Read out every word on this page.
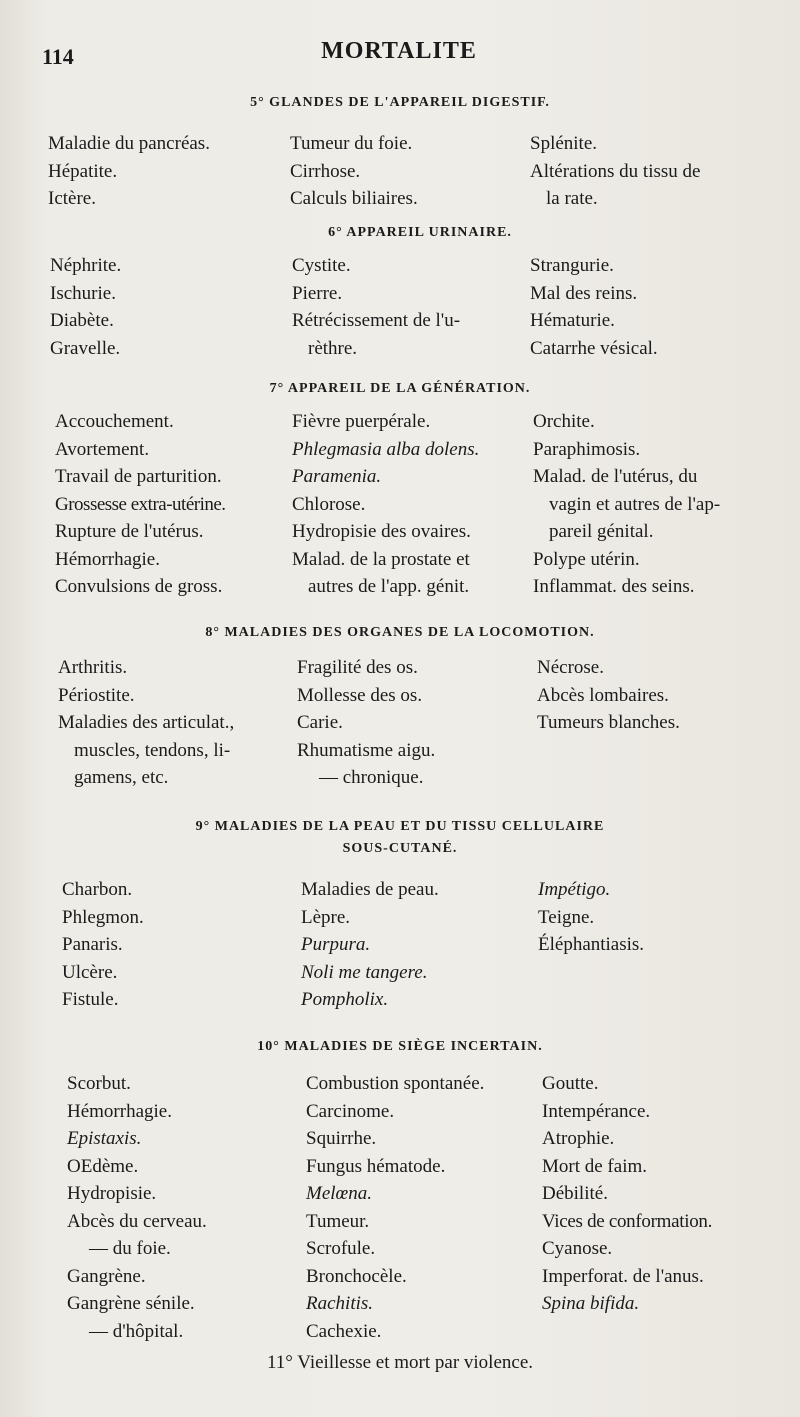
114	MORTALITE
5° GLANDES DE L'APPAREIL DIGESTIF.
Maladie du pancréas.
Hépatite.
Ictère.
Tumeur du foie.
Cirrhose.
Calculs biliaires.
Splénite.
Altérations du tissu de
la rate.
6° APPAREIL URINAIRE.
Néphrite.
Ischurie.
Diabète.
Gravelle.
Cystite.
Pierre.
Rétrécissement de l'u-
rèthre.
Strangurie.
Mal des reins.
Hématurie.
Catarrhe vésical.
7° APPAREIL DE LA GÉNÉRATION.
Accouchement.
Avortement.
Travail de parturition.
Grossesse extra-utérine.
Rupture de l'utérus.
Hémorrhagie.
Convulsions de gross.
Fièvre puerpérale.
Phlegmasia alba dolens.
Paramenia.
Chlorose.
Hydropisie des ovaires.
Malad. de la prostate et
autres de l'app. génit.
Orchite.
Paraphimosis.
Malad. de l'utérus, du
vagin et autres de l'ap-
pareil génital.
Polype utérin.
Inflammat. des seins.
8° MALADIES DES ORGANES DE LA LOCOMOTION.
Arthritis.
Périostite.
Maladies des articulat.,
muscles, tendons, li-
gamens, etc.
Fragilité des os.
Mollesse des os.
Carie.
Rhumatisme aigu.
— chronique.
Nécrose.
Abcès lombaires.
Tumeurs blanches.
9° MALADIES DE LA PEAU ET DU TISSU CELLULAIRE
SOUS-CUTANÉ.
Charbon.
Phlegmon.
Panaris.
Ulcère.
Fistule.
Maladies de peau.
Lèpre.
Purpura.
Noli me tangere.
Pompholix.
Impétigo.
Teigne.
Éléphantiasis.
10° MALADIES DE SIÈGE INCERTAIN.
Scorbut.
Hémorrhagie.
Epistaxis.
OEdème.
Hydropisie.
Abcès du cerveau.
— du foie.
Gangrène.
Gangrène sénile.
— d'hôpital.
Combustion spontanée.
Carcinome.
Squirrhe.
Fungus hématode.
Melœna.
Tumeur.
Scrofule.
Bronchocèle.
Rachitis.
Cachexie.
Goutte.
Intempérance.
Atrophie.
Mort de faim.
Débilité.
Vices de conformation.
Cyanose.
Imperforat. de l'anus.
Spina bifida.
11° Vieillesse et mort par violence.
